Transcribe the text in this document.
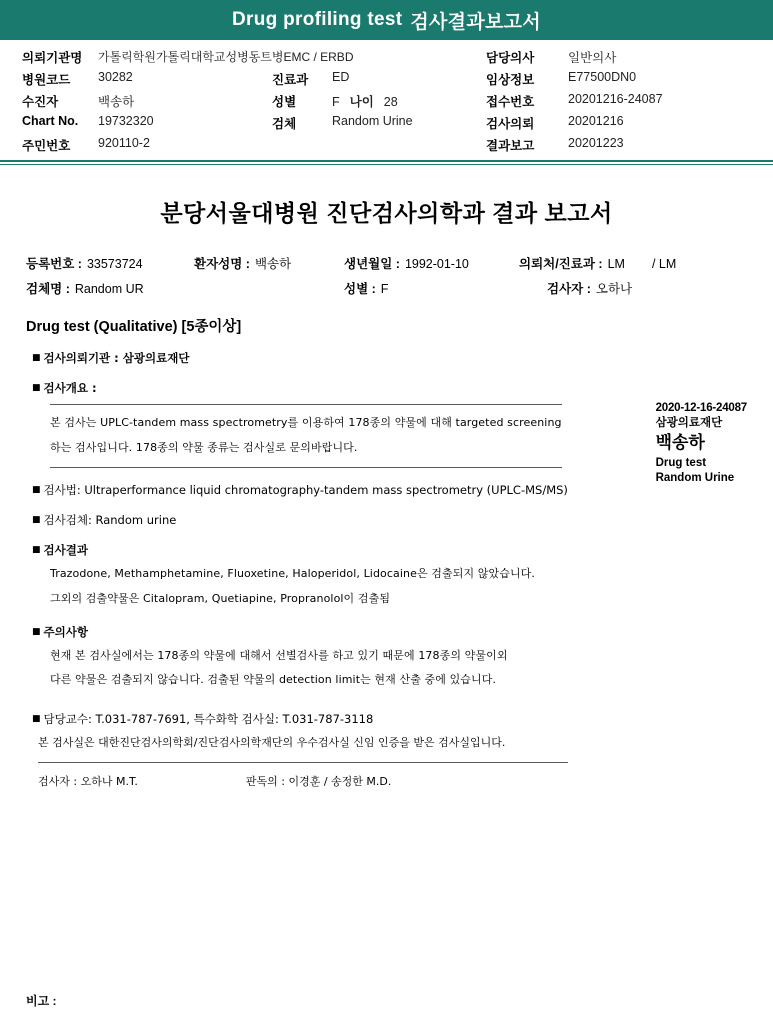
Drug profiling test 검사결과보고서
의뢰기관명	가톨릭학원가톨릭대학교성병동트병EMC / ERBD	담당의사	일반의사
병원코드	30282	진료과	ED	임상정보	E77500DN0
수진자	백송하	성별	F 나이 28	접수번호	20201216-24087
Chart No.	19732320	검체	Random Urine	검사의뢰	20201216
주민번호	920110-2	결과보고	20201223
분당서울대병원 진단검사의학과 결과 보고서
등록번호 : 33573724	환자성명 : 백송하	생년월일 : 1992-01-10	의뢰처/진료과 : LM / LM
검체명 : Random UR	성별 : F	검사자 : 오하나
Drug test (Qualitative) [5종이상]
2020-12-16-24087
삼광의료재단
백송하
Drug test
Random Urine
■ 검사의뢰기관 : 삼광의료재단
■ 검사개요 :
본 검사는 UPLC-tandem mass spectrometry를 이용하여 178종의 약물에 대해 targeted screening
하는 검사입니다. 178종의 약물 종류는 검사실로 문의바랍니다.
■ 검사법: Ultraperformance liquid chromatography-tandem mass spectrometry (UPLC-MS/MS)
■ 검사검체: Random urine
■ 검사결과
Trazodone, Methamphetamine, Fluoxetine, Haloperidol, Lidocaine은 검출되지 않았습니다.
그외의 검출약물은 Citalopram, Quetiapine, Propranolol이 검출됨
■ 주의사항
현재 본 검사실에서는 178종의 약물에 대해서 선별검사를 하고 있기 때문에 178종의 약물이외
다른 약물은 검출되지 않습니다. 검출된 약물의 detection limit는 현재 산출 중에 있습니다.
■ 담당교수: T.031-787-7691, 특수화학 검사실: T.031-787-3118
본 검사실은 대한진단검사의학회/진단검사의학재단의 우수검사실 신임 인증을 받은 검사실입니다.
검사자 : 오하나 M.T.	판독의 : 이경훈 / 송정한 M.D.
비고 :
